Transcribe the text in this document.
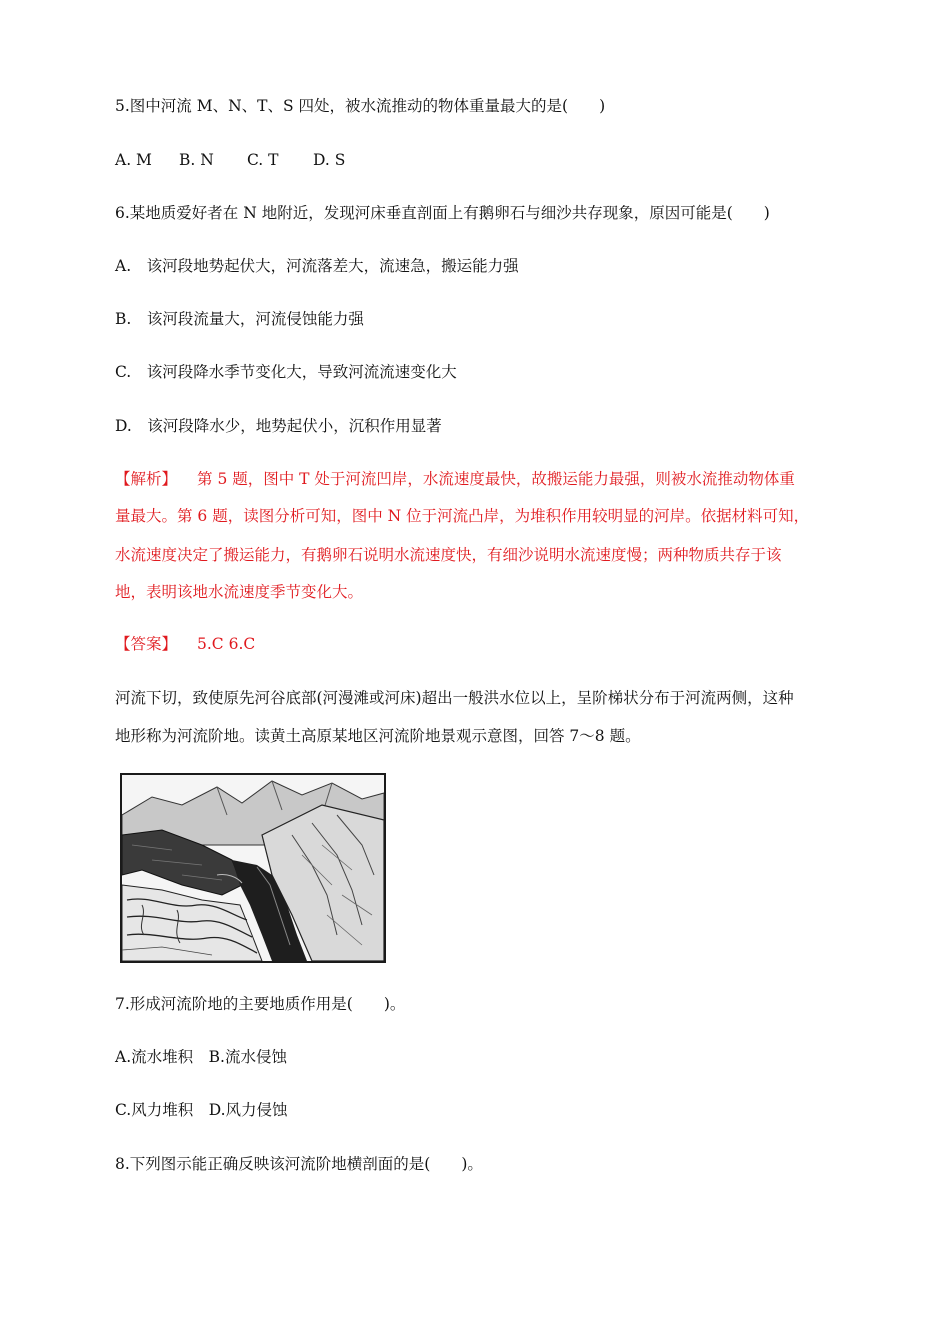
5.图中河流 M、N、T、S 四处，被水流推动的物体重量最大的是(　　)
A. M B. N C. T D. S
6.某地质爱好者在 N 地附近，发现河床垂直剖面上有鹅卵石与细沙共存现象，原因可能是(　　)
A.　该河段地势起伏大，河流落差大，流速急，搬运能力强
B.　该河段流量大，河流侵蚀能力强
C.　该河段降水季节变化大，导致河流流速变化大
D.　该河段降水少，地势起伏小，沉积作用显著
【解析】 第 5 题，图中 T 处于河流凹岸，水流速度最快，故搬运能力最强，则被水流推动物体重
量最大。第 6 题，读图分析可知，图中 N 位于河流凸岸，为堆积作用较明显的河岸。依据材料可知，
水流速度决定了搬运能力，有鹅卵石说明水流速度快，有细沙说明水流速度慢；两种物质共存于该
地，表明该地水流速度季节变化大。
【答案】 5.C 6.C
河流下切，致使原先河谷底部(河漫滩或河床)超出一般洪水位以上，呈阶梯状分布于河流两侧，这种
地形称为河流阶地。读黄土高原某地区河流阶地景观示意图，回答 7～8 题。
7.形成河流阶地的主要地质作用是(　　)。
A.流水堆积　B.流水侵蚀
C.风力堆积　D.风力侵蚀
8.下列图示能正确反映该河流阶地横剖面的是(　　)。
